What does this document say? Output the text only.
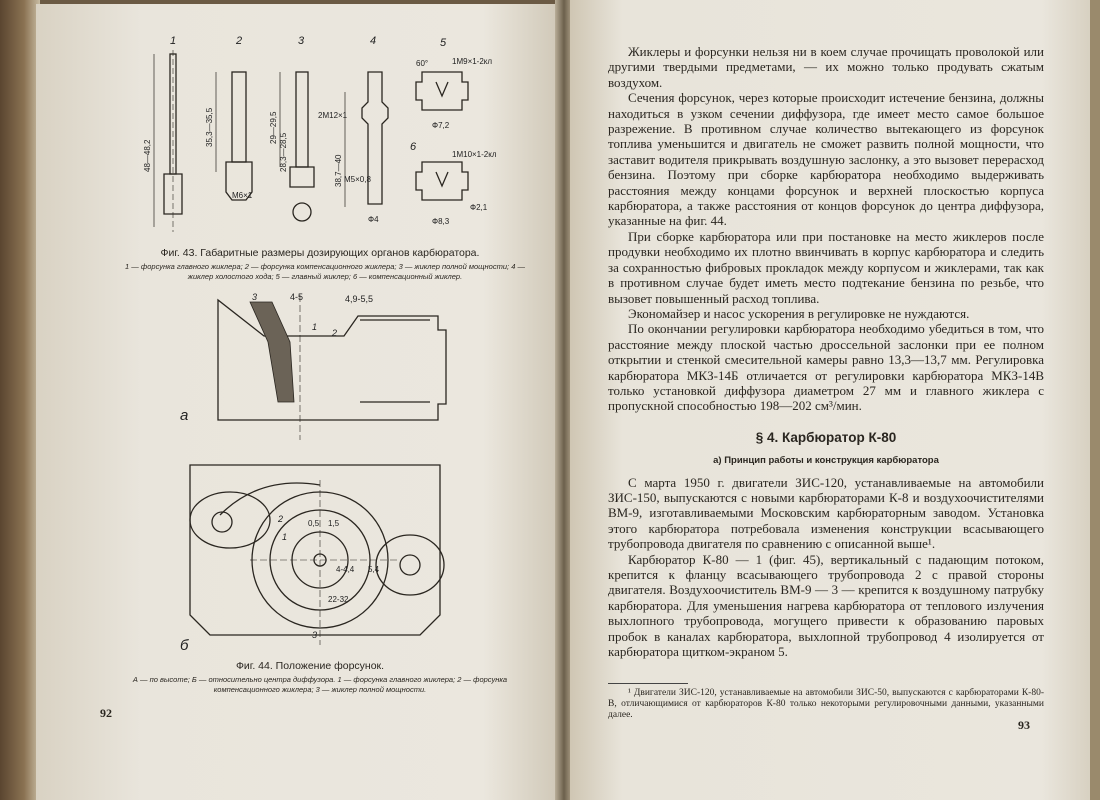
1	2	3	4	5
6
48—48,2
35,3—35,5	29—29,5
28,3—28,5
2М12×1
38,7—40 M5×0,8
Ф4
М6×1
1М9×1-2кл
1М10×1-2кл
Ф7,2
Ф2,1
Ф8,3
60°
Фиг. 43. Габаритные размеры дозирующих органов карбюратора.
1 — форсунка главного жиклера; 2 — форсунка компенсационного жиклера; 3 — жиклер полной мощности; 4 — жиклер холостого хода; 5 — главный жиклер; 6 — компенсационный жиклер.
3	4-5
1
2
4,9-5,5
а
б
2
1
0,5 1,5
3
4-4,4 5,4
22-32
Фиг. 44. Положение форсунок.
А — по высоте; Б — относительно центра диффузора. 1 — форсунка главного жиклера; 2 — форсунка компенсационного жиклера; 3 — жиклер полной мощности.
92

Жиклеры и форсунки нельзя ни в коем случае прочищать проволокой или другими твердыми предметами, — их можно только продувать сжатым воздухом.

Сечения форсунок, через которые происходит истечение бензина, должны находиться в узком сечении диффузора, где имеет место самое большое разрежение. В противном случае количество вытекающего из форсунок топлива уменьшится и двигатель не сможет развить полной мощности, что заставит водителя прикрывать воздушную заслонку, а это вызовет перерасход бензина. Поэтому при сборке карбюратора необходимо выдерживать расстояния между концами форсунок и верхней плоскостью корпуса карбюратора, а также расстояния от концов форсунок до центра диффузора, указанные на фиг. 44.

При сборке карбюратора или при постановке на место жиклеров после продувки необходимо их плотно ввинчивать в корпус карбюратора и следить за сохранностью фибровых прокладок между корпусом и жиклерами, так как в противном случае будет иметь место подтекание бензина по резьбе, что вызовет повышенный расход топлива.

Экономайзер и насос ускорения в регулировке не нуждаются.

По окончании регулировки карбюратора необходимо убедиться в том, что расстояние между плоской частью дроссельной заслонки при ее полном открытии и стенкой смесительной камеры равно 13,3—13,7 мм. Регулировка карбюратора МКЗ-14Б отличается от регулировки карбюратора МКЗ-14В только установкой диффузора диаметром 27 мм и главного жиклера с пропускной способностью 198—202 см³/мин.

§ 4. Карбюратор К-80
а) Принцип работы и конструкция карбюратора

С марта 1950 г. двигатели ЗИС-120, устанавливаемые на автомобили ЗИС-150, выпускаются с новыми карбюраторами К-8 и воздухоочистителями ВМ-9, изготавливаемыми Московским карбюраторным заводом. Установка этого карбюратора потребовала изменения конструкции всасывающего трубопровода двигателя по сравнению с описанной выше¹.

Карбюратор К-80 — 1 (фиг. 45), вертикальный с падающим потоком, крепится к фланцу всасывающего трубопровода 2 с правой стороны двигателя. Воздухоочиститель ВМ-9 — 3 — крепится к воздушному патрубку карбюратора. Для уменьшения нагрева карбюратора от теплового излучения выхлопного трубопровода, могущего привести к образованию паровых пробок в каналах карбюратора, выхлопной трубопровод 4 изолируется от карбюратора щитком-экраном 5.

¹ Двигатели ЗИС-120, устанавливаемые на автомобили ЗИС-50, выпускаются с карбюраторами К-80-В, отличающимися от карбюраторов К-80 только некоторыми регулировочными данными, указанными далее.

93
